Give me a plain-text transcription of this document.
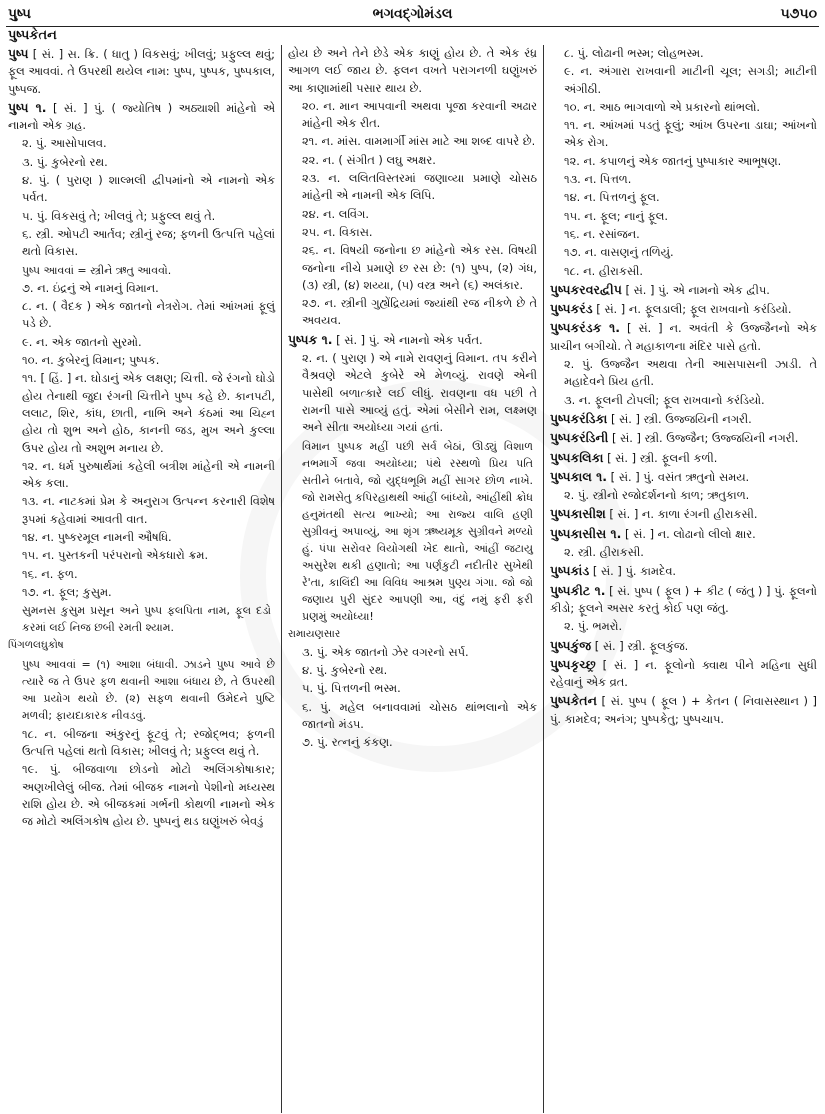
પુષ્પ	ભગવદ્ગોમંડલ	૫૭૫૦
પુષ્પકેતન

પુષ્પ [ સં. ] સ. ક્રિ. ( ધાતુ ) વિકસવું; ખીલવું; પ્રફુલ્લ થવું; ફૂલ આવવાં. તે ઉપરથી થયેલ નામ: પુષ્પ, પુષ્પક, પુષ્પકાલ, પુષ્પજ.

પુષ્પ ૧. [ સં. ] પું. ( જ્યોતિષ ) અઠ્યાશી માંહેનો એ નામનો એક ગ્રહ.

૨. પું. આસોપાલવ.

૩. પું. કુબેરનો રથ.

૪. પું. ( પુરાણ ) શાલ્મલી દ્વીપમાંનો એ નામનો એક પર્વત.

૫. પું. વિકસવું તે; ખીલવું તે; પ્રફુલ્લ થવું તે.

૬. સ્ત્રી. ઓપટી આર્તવ; સ્ત્રીનું રજ; ફળની ઉત્પત્તિ પહેલાં થતો વિકાસ.

પુષ્પ આવવાં = સ્ત્રીને ઋતુ આવવો.

૭. ન. ઇંદ્રનું એ નામનું વિમાન.

૮. ન. ( વૈદક ) એક જાતનો નેત્રરોગ. તેમાં આંખમાં ફૂલું પડે છે.

૯. ન. એક જાતનો સુરમો.

૧૦. ન. કુબેરનું વિમાન; પુષ્પક.

૧૧. [ હિં. ] ન. ઘોડાનું એક લક્ષણ; ચિત્તી. જે રંગનો ઘોડો હોય તેનાથી જુદા રંગની ચિત્તીને પુષ્પ કહે છે. કાનપટી, લલાટ, શિર, કાંધ, છાતી, નાભિ અને કંઠમાં આ ચિહ્ન હોય તો શુભ અને હોઠ, કાનની જડ, મુખ અને કુલ્લા ઉપર હોય તો અશુભ મનાય છે.

૧૨. ન. ધર્મ પુરુષાર્થમાં કહેલી બત્રીશ માંહેની એ નામની એક કલા.

૧૩. ન. નાટકમાં પ્રેમ કે અનુરાગ ઉત્પન્ન કરનારી વિશેષ રૂપમાં કહેવામાં આવતી વાત.

૧૪. ન. પુષ્કરમૂલ નામની ઔષધિ.

૧૫. ન. પુસ્તકની પરંપરાનો એકધારો ક્રમ.

૧૬. ન. ફળ.

૧૭. ન. ફૂલ; કુસુમ.

સુમનસ કુસુમ પ્રસૂન અને પુષ્પ ફલપિતા નામ, ફૂલ દડો કરમાં લઈ નિજ છબી રમતી શ્યામ.

પિંગળલઘુકોષ

પુષ્પ આવવાં = (૧) આશા બંધાવી. ઝાડને પુષ્પ આવે છે ત્યારે જ તે ઉપર ફળ થવાની આશા બંધાય છે, તે ઉપરથી આ પ્રયોગ થયો છે. (૨) સફળ થવાની ઉમેદને પુષ્ટિ મળવી; ફાયદાકારક નીવડવું.

૧૮. ન. બીજના અંકુરનું ફૂટવું તે; રજોદ્ભવ; ફળની ઉત્પત્તિ પહેલાં થતો વિકાસ; ખીલવું તે; પ્રફુલ્લ થવું તે.

૧૯. પું. બીજવાળા છોડનો મોટો અલિંગકોષાકાર; અણખીલેલું બીજ. તેમાં બીજક નામનો પેશીનો મધ્યસ્થ રાશિ હોય છે. એ બીજકમાં ગર્ભની કોથળી નામનો એક જ મોટો અલિંગકોષ હોય છે. પુષ્પનું થડ ઘણુંખરું બેવડું

હોય છે અને તેને છેડે એક કાણું હોય છે. તે એક રંધ્ર આગળ લઈ જાય છે. ફલન વખતે પરાગનળી ઘણુંખરું આ કાણામાંથી પસાર થાય છે.

૨૦. ન. માન આપવાની અથવા પૂજા કરવાની અઢાર માંહેની એક રીત.

૨૧. ન. માંસ. વામમાર્ગી માંસ માટે આ શબ્દ વાપરે છે.

૨૨. ન. ( સંગીત ) લઘુ અક્ષર.

૨૩. ન. લલિતવિસ્તરમાં જણાવ્યા પ્રમાણે ચોસઠ માંહેની એ નામની એક લિપિ.

૨૪. ન. લવિંગ.

૨૫. ન. વિકાસ.

૨૬. ન. વિષયી જનોના છ માંહેનો એક રસ. વિષયી જનોના નીચે પ્રમાણે છ રસ છે: (૧) પુષ્પ, (૨) ગંધ, (૩) સ્ત્રી, (૪) શય્યા, (૫) વસ્ત્ર અને (૬) અલંકાર.

૨૭. ન. સ્ત્રીની ગુહ્યેંદ્રિયમાં જ્યાંથી રજ નીકળે છે તે અવયવ.

પુષ્પક ૧. [ સં. ] પું. એ નામનો એક પર્વત.

૨. ન. ( પુરાણ ) એ નામે રાવણનું વિમાન. તપ કરીને વૈશ્રવણે એટલે કુબેરે એ મેળવ્યું. રાવણે એની પાસેથી બળાત્કારે લઈ લીધું. રાવણના વધ પછી તે રામની પાસે આવ્યું હતું. એમાં બેસીને રામ, લક્ષ્મણ અને સીતા અયોધ્યા ગયાં હતાં.

વિમાન પુષ્પક મહીં પછી સર્વ બેઠાં, ઊડ્યું વિશાળ નભમાર્ગે જવા અયોધ્યા; પંથે રસ્થળો પ્રિય પતિ સતીને બતાવે, જો યુદ્ધભૂમિ મહીં સાગર છોળ નાખે. જો રામસેતુ કપિરહાથથી આંહીં બાંધ્યો, આંહીંથી ક્રોધ હનુમંતથી સત્ય ભાખ્યો; આ રાજ્ય વાલિ હણી સુગ્રીવનું અપાવ્યું, આ શૃંગ ઋષ્યમૂક સુગ્રીવને મળ્યો હું. પંપા સરોવર વિયોગથી ખેદ થાતો, આંહીં જટાયુ અસુરેશ થકી હણાતો; આ પર્ણકુટી નદીતીર સુખેથી રે'તા, કાલિંદી આ વિવિધ આશ્રમ પુણ્ય ગંગા. જો જો જણાય પુરી સુંદર આપણી આ, વંદું નમું ફરી ફરી પ્રણમું અયોધ્યા!

રામાયણસાર

૩. પું. એક જાતનો ઝેર વગરનો સર્પ.

૪. પું. કુબેરનો રથ.

૫. પું. પિત્તળની ભસ્મ.

૬. પું. મહેલ બનાવવામાં ચોસઠ થાંભલાનો એક જાતનો મંડપ.

૭. પું. રત્નનું કંકણ.

૮. પું. લોઢાની ભસ્મ; લોહભસ્મ.

૯. ન. અંગારા રાખવાની માટીની ચૂલ; સગડી; માટીની અંગીઠી.

૧૦. ન. આઠ ભાગવાળો એ પ્રકારનો થાંભલો.

૧૧. ન. આંખમાં પડતું ફૂલું; આંખ ઉપરના ડાઘા; આંખનો એક રોગ.

૧૨. ન. કપાળનું એક જાતનું પુષ્પાકાર આભૂષણ.

૧૩. ન. પિત્તળ.

૧૪. ન. પિત્તળનું ફૂલ.

૧૫. ન. ફૂલ; નાનું ફૂલ.

૧૬. ન. રસાંજન.

૧૭. ન. વાસણનું તળિયું.

૧૮. ન. હીરાકસી.

પુષ્પકરવરદ્વીપ [ સં. ] પું. એ નામનો એક દ્વીપ.

પુષ્પકરંડ [ સં. ] ન. ફૂલડાલી; ફૂલ રાખવાનો કરંડિયો.

પુષ્પકરંડક ૧. [ સં. ] ન. અવંતી કે ઉજ્જૈનનો એક પ્રાચીન બગીચો. તે મહાકાળના મંદિર પાસે હતો.

૨. પું. ઉજ્જૈન અથવા તેની આસપાસની ઝાડી. તે મહાદેવને પ્રિય હતી.

૩. ન. ફૂલની ટોપલી; ફૂલ રાખવાનો કરંડિયો.

પુષ્પકરંડિકા [ સં. ] સ્ત્રી. ઉજ્જયિની નગરી.

પુષ્પકરંડિની [ સં. ] સ્ત્રી. ઉજ્જૈન; ઉજ્જયિની નગરી.

પુષ્પકલિકા [ સં. ] સ્ત્રી. ફૂલની કળી.

પુષ્પકાલ ૧. [ સં. ] પું. વસંત ઋતુનો સમય.

૨. પું. સ્ત્રીનો રજોદર્શનનો કાળ; ઋતુકાળ.

પુષ્પકાસીશ [ સં. ] ન. કાળા રંગની હીરાકસી.

પુષ્પકાસીસ ૧. [ સં. ] ન. લોઢાનો લીલો ક્ષાર.

૨. સ્ત્રી. હીરાકસી.

પુષ્પકાંડ [ સં. ] પું. કામદેવ.

પુષ્પકીટ ૧. [ સં. પુષ્પ ( ફૂલ ) + કીટ ( જંતુ ) ] પું. ફૂલનો કીડો; ફૂલને અસર કરતું કોઈ પણ જંતુ.

૨. પું. ભમરો.

પુષ્પકુંજ [ સં. ] સ્ત્રી. ફૂલકુંજ.

પુષ્પકૃચ્છ્ર [ સં. ] ન. ફૂલોનો ક્વાથ પીને મહિના સુધી રહેવાનું એક વ્રત.

પુષ્પકેતન [ સં. પુષ્પ ( ફૂલ ) + કેતન ( નિવાસસ્થાન ) ] પું. કામદેવ; અનંગ; પુષ્પકેતુ; પુષ્પચાપ.
